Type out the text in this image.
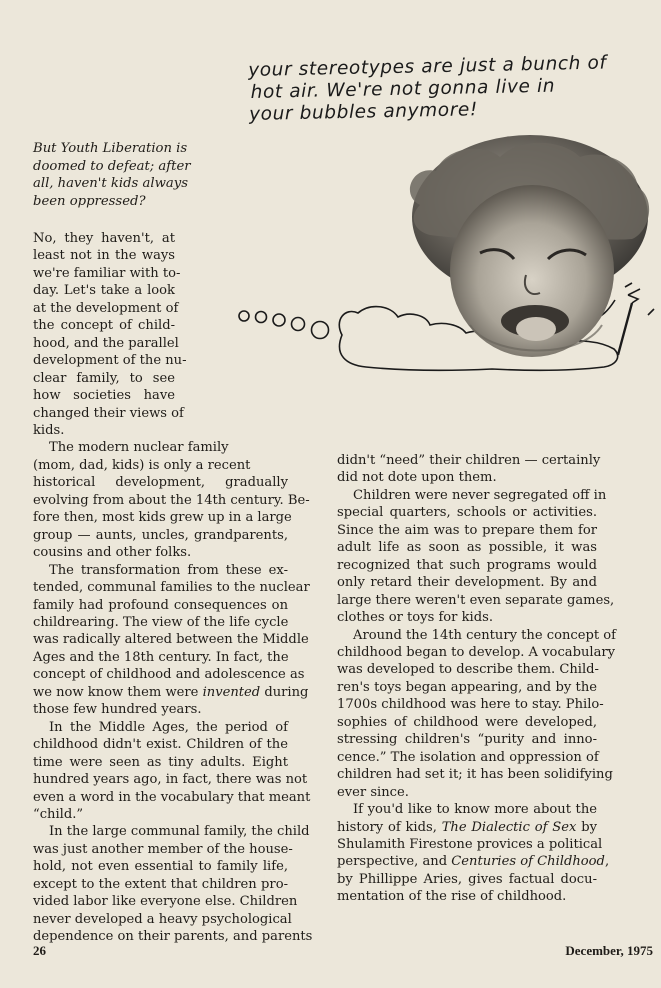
your stereotypes are just a bunch of
hot air. We're not gonna live in
your bubbles anymore!
But Youth Liberation is
doomed to defeat; after
all, haven't kids always
been oppressed?
No, they haven't, at
least not in the ways
we're familiar with to-
day. Let's take a look
at the development of
the concept of child-
hood, and the parallel
development of the nu-
clear family, to see
how societies have
changed their views of
kids.
The modern nuclear family
(mom, dad, kids) is only a recent
historical development, gradually
evolving from about the 14th century. Be-
fore then, most kids grew up in a large
group — aunts, uncles, grandparents,
cousins and other folks.
The transformation from these ex-
tended, communal families to the nuclear
family had profound consequences on
childrearing. The view of the life cycle
was radically altered between the Middle
Ages and the 18th century. In fact, the
concept of childhood and adolescence as
we now know them were invented during
those few hundred years.
In the Middle Ages, the period of
childhood didn't exist. Children of the
time were seen as tiny adults. Eight
hundred years ago, in fact, there was not
even a word in the vocabulary that meant
“child.”
In the large communal family, the child
was just another member of the house-
hold, not even essential to family life,
except to the extent that children pro-
vided labor like everyone else. Children
never developed a heavy psychological
dependence on their parents, and parents
didn't “need” their children — certainly
did not dote upon them.
Children were never segregated off in
special quarters, schools or activities.
Since the aim was to prepare them for
adult life as soon as possible, it was
recognized that such programs would
only retard their development. By and
large there weren't even separate games,
clothes or toys for kids.
Around the 14th century the concept of
childhood began to develop. A vocabulary
was developed to describe them. Child-
ren's toys began appearing, and by the
1700s childhood was here to stay. Philo-
sophies of childhood were developed,
stressing children's “purity and inno-
cence.” The isolation and oppression of
children had set it; it has been solidifying
ever since.
If you'd like to know more about the
history of kids, The Dialectic of Sex by
Shulamith Firestone provices a political
perspective, and Centuries of Childhood,
by Phillippe Aries, gives factual docu-
mentation of the rise of childhood.
26	December, 1975
